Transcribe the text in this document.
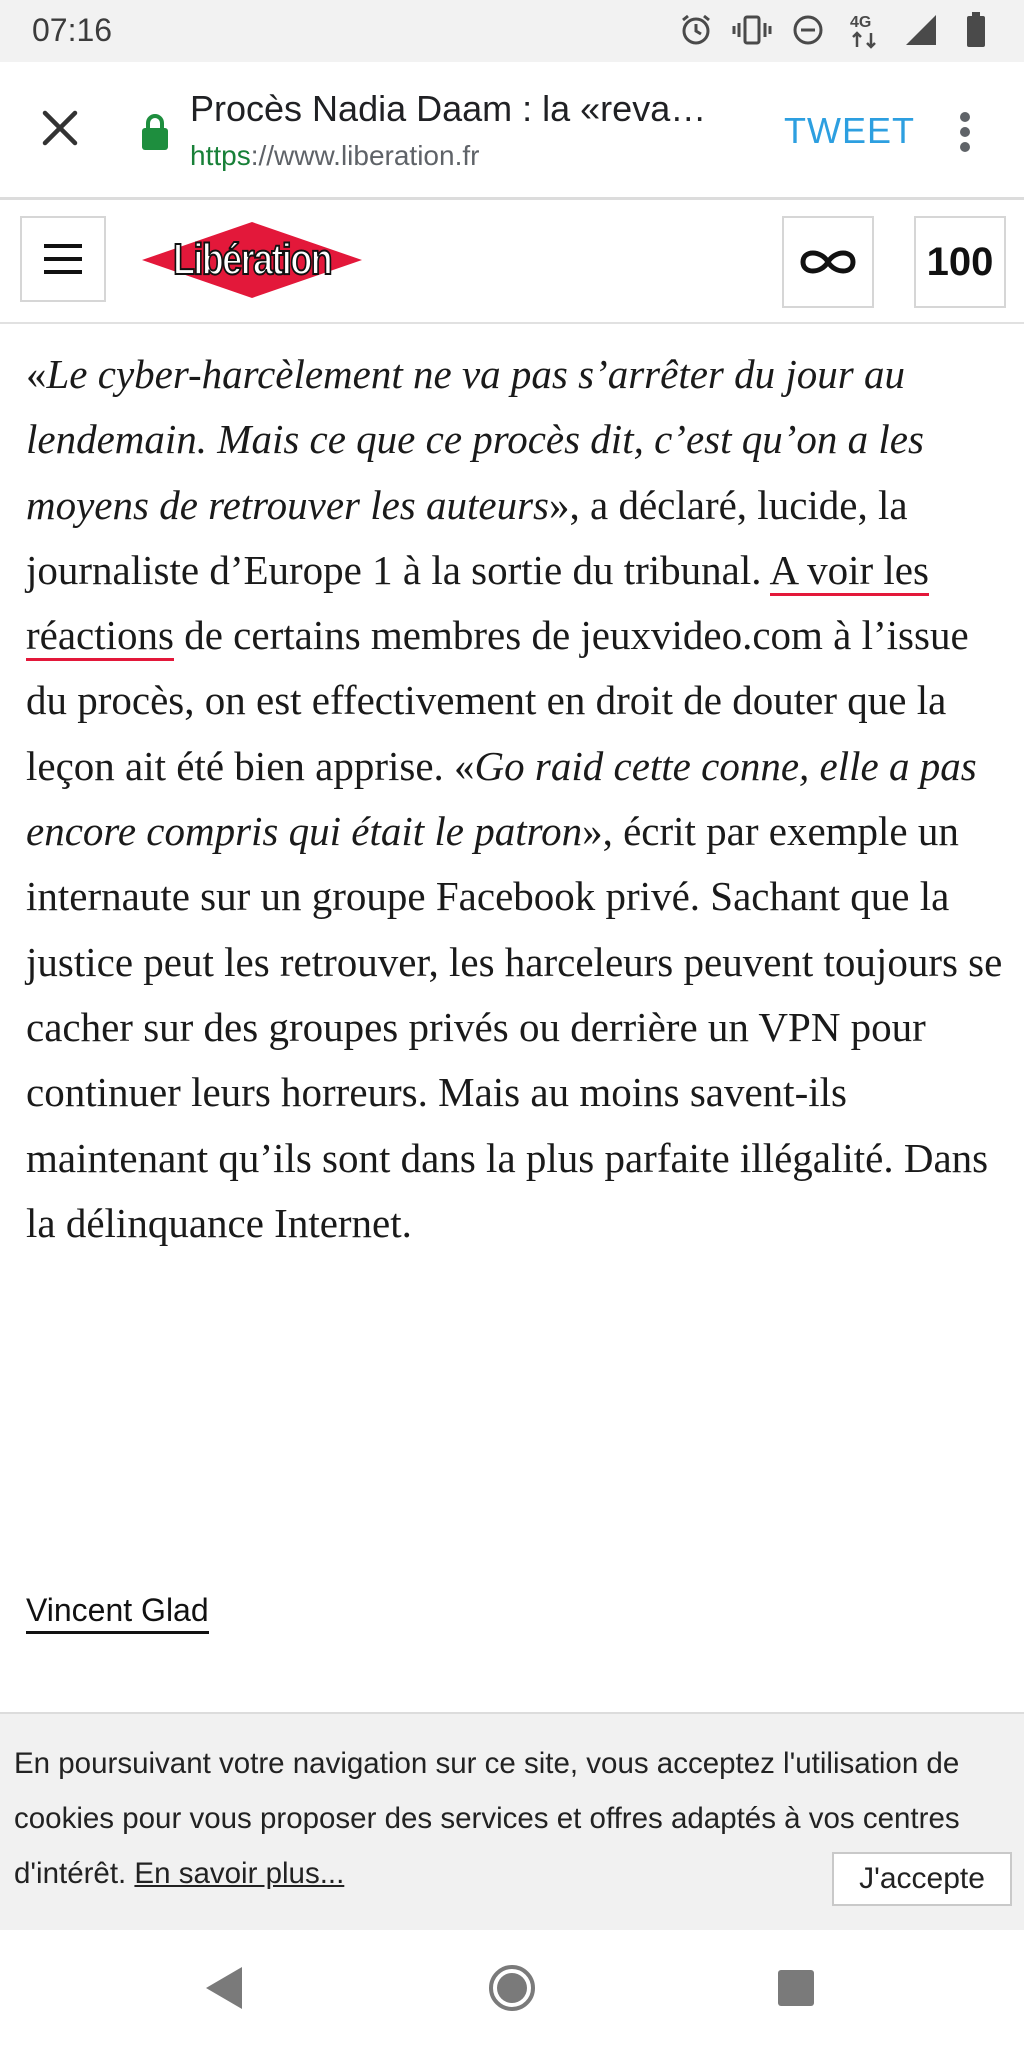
07:16	4G
Procès Nadia Daam : la «reva…
https://www.liberation.fr
TWEET
Libération	100

«Le cyber-harcèlement ne va pas s’arrêter du jour au lendemain. Mais ce que ce procès dit, c’est qu’on a les moyens de retrouver les auteurs», a déclaré, lucide, la journaliste d’Europe 1 à la sortie du tribunal. A voir les réactions de certains membres de jeuxvideo.com à l’issue du procès, on est effectivement en droit de douter que la leçon ait été bien apprise. «Go raid cette conne, elle a pas encore compris qui était le patron», écrit par exemple un internaute sur un groupe Facebook privé. Sachant que la justice peut les retrouver, les harceleurs peuvent toujours se cacher sur des groupes privés ou derrière un VPN pour continuer leurs horreurs. Mais au moins savent-ils maintenant qu’ils sont dans la plus parfaite illégalité. Dans la délinquance Internet.

Vincent Glad
En poursuivant votre navigation sur ce site, vous acceptez l'utilisation de cookies pour vous proposer des services et offres adaptés à vos centres d'intérêt. En savoir plus...	J'accepte
